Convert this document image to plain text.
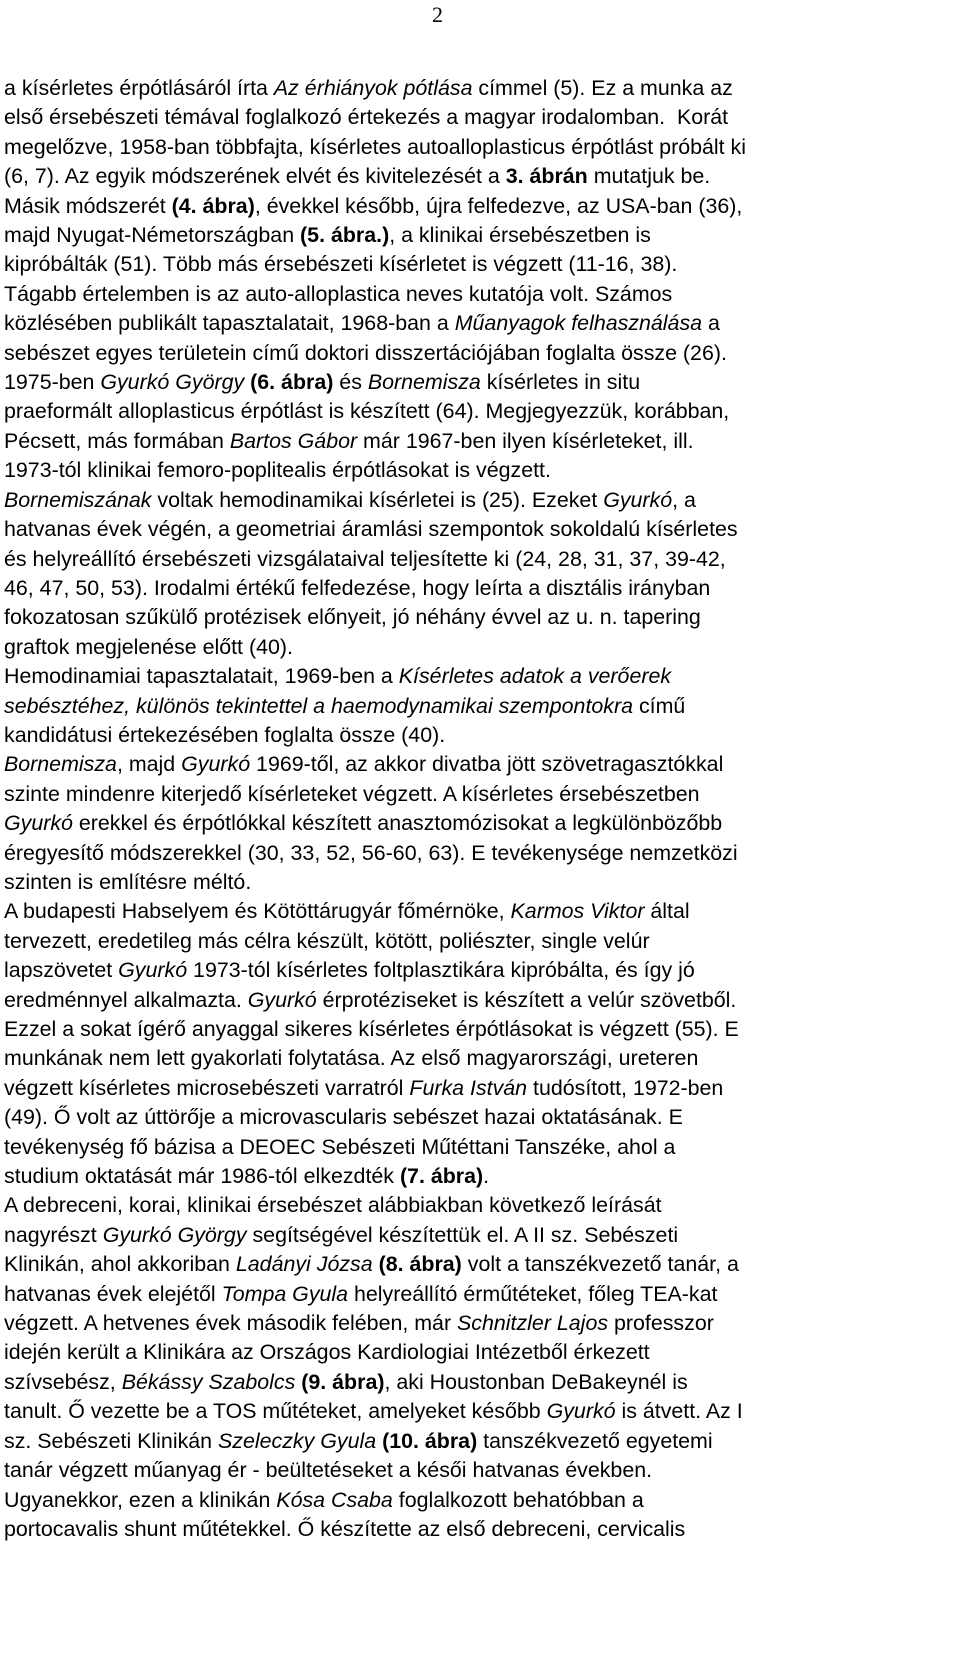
2
a kísérletes érpótlásáról írta Az érhiányok pótlása címmel (5). Ez a munka az
első érsebészeti témával foglalkozó értekezés a magyar irodalomban.  Korát
megelőzve, 1958-ban többfajta, kísérletes autoalloplasticus érpótlást próbált ki
(6, 7). Az egyik módszerének elvét és kivitelezését a 3. ábrán mutatjuk be.
Másik módszerét (4. ábra), évekkel később, újra felfedezve, az USA-ban (36),
majd Nyugat-Németországban (5. ábra.), a klinikai érsebészetben is
kipróbálták (51). Több más érsebészeti kísérletet is végzett (11-16, 38).
Tágabb értelemben is az auto-alloplastica neves kutatója volt. Számos
közlésében publikált tapasztalatait, 1968-ban a Műanyagok felhasználása a
sebészet egyes területein című doktori disszertációjában foglalta össze (26).
1975-ben Gyurkó György (6. ábra) és Bornemisza kísérletes in situ
praeformált alloplasticus érpótlást is készített (64). Megjegyezzük, korábban,
Pécsett, más formában Bartos Gábor már 1967-ben ilyen kísérleteket, ill.
1973-tól klinikai femoro-poplitealis érpótlásokat is végzett.
Bornemiszának voltak hemodinamikai kísérletei is (25). Ezeket Gyurkó, a
hatvanas évek végén, a geometriai áramlási szempontok sokoldalú kísérletes
és helyreállító érsebészeti vizsgálataival teljesítette ki (24, 28, 31, 37, 39-42,
46, 47, 50, 53). Irodalmi értékű felfedezése, hogy leírta a disztális irányban
fokozatosan szűkülő protézisek előnyeit, jó néhány évvel az u. n. tapering
graftok megjelenése előtt (40).
Hemodinamiai tapasztalatait, 1969-ben a Kísérletes adatok a verőerek
sebésztéhez, különös tekintettel a haemodynamikai szempontokra című
kandidátusi értekezésében foglalta össze (40).
Bornemisza, majd Gyurkó 1969-től, az akkor divatba jött szövetragasztókkal
szinte mindenre kiterjedő kísérleteket végzett. A kísérletes érsebészetben
Gyurkó erekkel és érpótlókkal készített anasztomózisokat a legkülönbözőbb
éregyesítő módszerekkel (30, 33, 52, 56-60, 63). E tevékenysége nemzetközi
szinten is említésre méltó.
A budapesti Habselyem és Kötöttárugyár főmérnöke, Karmos Viktor által
tervezett, eredetileg más célra készült, kötött, poliészter, single velúr
lapszövetet Gyurkó 1973-tól kísérletes foltplasztikára kipróbálta, és így jó
eredménnyel alkalmazta. Gyurkó érprotéziseket is készített a velúr szövetből.
Ezzel a sokat ígérő anyaggal sikeres kísérletes érpótlásokat is végzett (55). E
munkának nem lett gyakorlati folytatása. Az első magyarországi, ureteren
végzett kísérletes microsebészeti varratról Furka István tudósított, 1972-ben
(49). Ő volt az úttörője a microvascularis sebészet hazai oktatásának. E
tevékenység fő bázisa a DEOEC Sebészeti Műtéttani Tanszéke, ahol a
studium oktatását már 1986-tól elkezdték (7. ábra).
A debreceni, korai, klinikai érsebészet alábbiakban következő leírását
nagyrészt Gyurkó György segítségével készítettük el. A II sz. Sebészeti
Klinikán, ahol akkoriban Ladányi Józsa (8. ábra) volt a tanszékvezető tanár, a
hatvanas évek elejétől Tompa Gyula helyreállító érműtéteket, főleg TEA-kat
végzett. A hetvenes évek második felében, már Schnitzler Lajos professzor
idején került a Klinikára az Országos Kardiologiai Intézetből érkezett
szívsebész, Békássy Szabolcs (9. ábra), aki Houstonban DeBakeynél is
tanult. Ő vezette be a TOS műtéteket, amelyeket később Gyurkó is átvett. Az I
sz. Sebészeti Klinikán Szeleczky Gyula (10. ábra) tanszékvezető egyetemi
tanár végzett műanyag ér - beültetéseket a késői hatvanas években.
Ugyanekkor, ezen a klinikán Kósa Csaba foglalkozott behatóbban a
portocavalis shunt műtétekkel. Ő készítette az első debreceni, cervicalis
